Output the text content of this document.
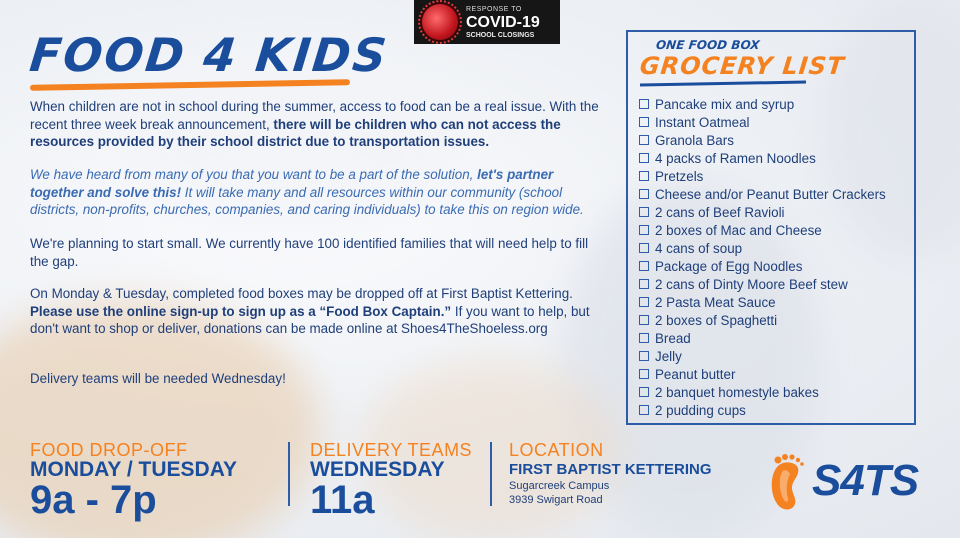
FOOD 4 KIDS
RESPONSE TO
COVID-19
SCHOOL CLOSINGS
When children are not in school during the summer, access to food can be a real issue. With the recent three week break announcement, there will be children who can not access the resources provided by their school district due to transportation issues.
We have heard from many of you that you want to be a part of the solution, let's partner together and solve this! It will take many and all resources within our community (school districts, non-profits, churches, companies, and caring individuals) to take this on region wide.
We're planning to start small. We currently have 100 identified families that will need help to fill the gap.
On Monday & Tuesday, completed food boxes may be dropped off at First Baptist Kettering. Please use the online sign-up to sign up as a “Food Box Captain.” If you want to help, but don't want to shop or deliver, donations can be made online at Shoes4TheShoeless.org
Delivery teams will be needed Wednesday!
ONE FOOD BOX
GROCERY LIST
Pancake mix and syrup
Instant Oatmeal
Granola Bars
4 packs of Ramen Noodles
Pretzels
Cheese and/or Peanut Butter Crackers
2 cans of Beef Ravioli
2 boxes of Mac and Cheese
4 cans of soup
Package of Egg Noodles
2 cans of Dinty Moore Beef stew
2 Pasta Meat Sauce
2 boxes of Spaghetti
Bread
Jelly
Peanut butter
2 banquet homestyle bakes
2 pudding cups
FOOD DROP-OFF
MONDAY / TUESDAY
9a - 7p
DELIVERY TEAMS
WEDNESDAY
11a
LOCATION
FIRST BAPTIST KETTERING
Sugarcreek Campus
3939 Swigart Road	S4TS
